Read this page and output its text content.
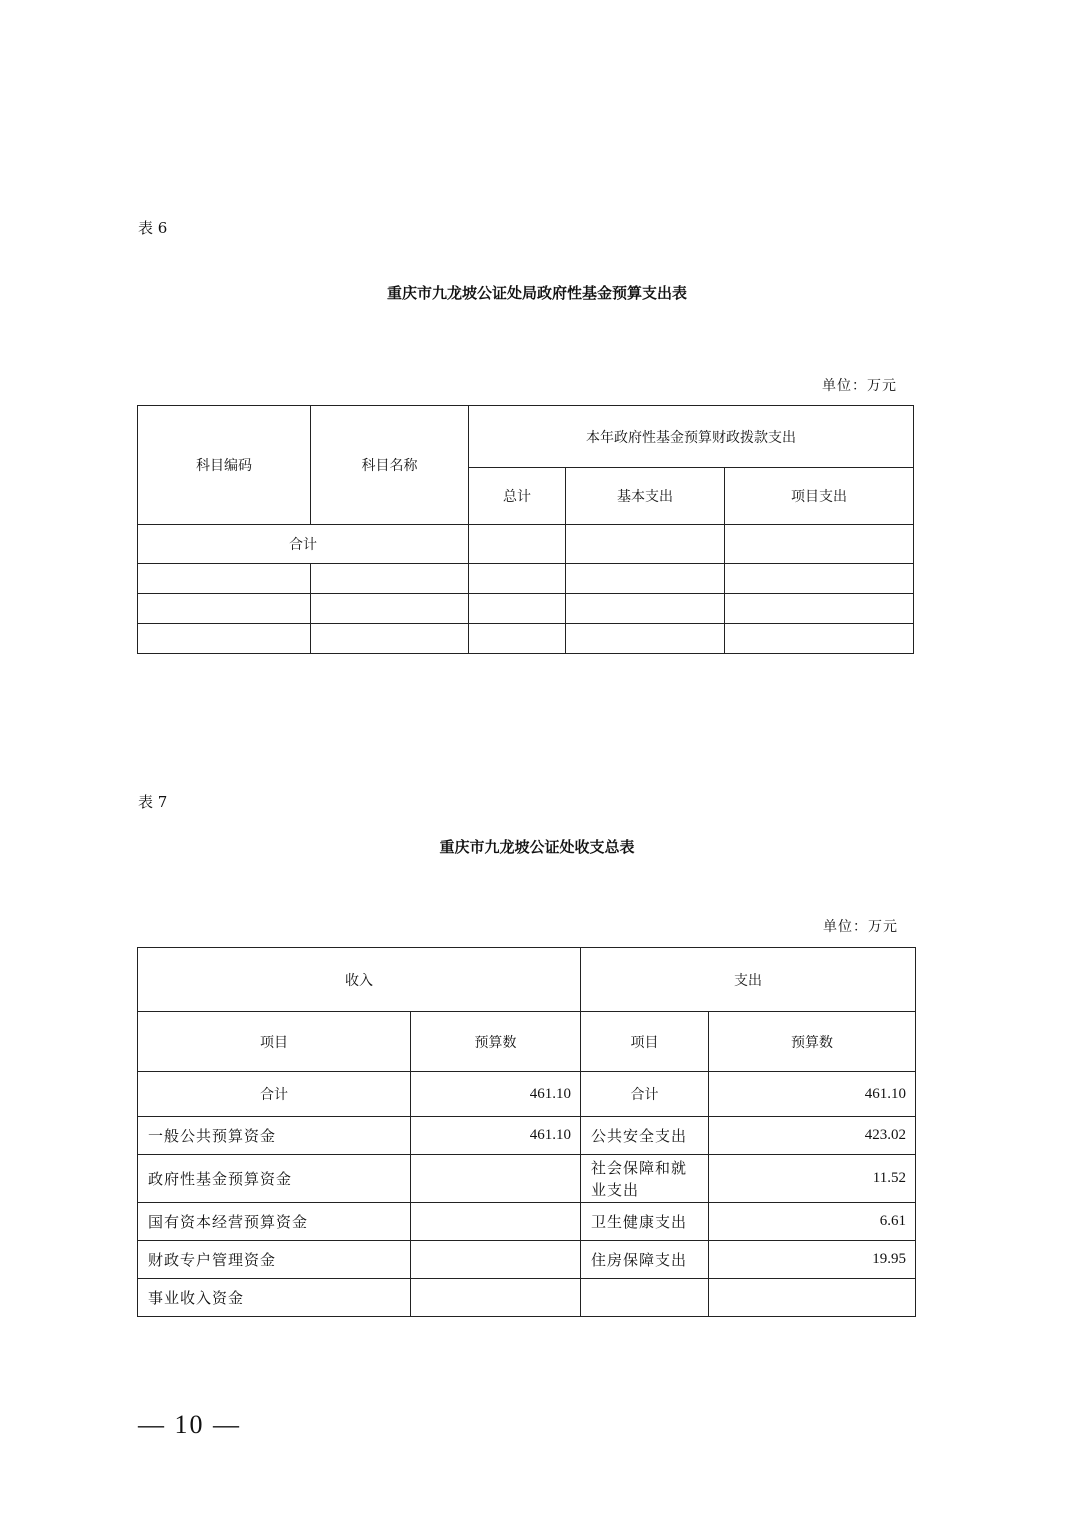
表 6
重庆市九龙坡公证处局政府性基金预算支出表
单位：万元
科目编码	科目名称	本年政府性基金预算财政拨款支出		
		总计	基本支出	项目支出
合计				

表 7
重庆市九龙坡公证处收支总表
单位：万元
收入		支出	
项目	预算数	项目	预算数
合计	461.10	合计	461.10
一般公共预算资金	461.10	公共安全支出	423.02
政府性基金预算资金		社会保障和就业支出	11.52
国有资本经营预算资金		卫生健康支出	6.61
财政专户管理资金		住房保障支出	19.95
事业收入资金			
— 10 —
